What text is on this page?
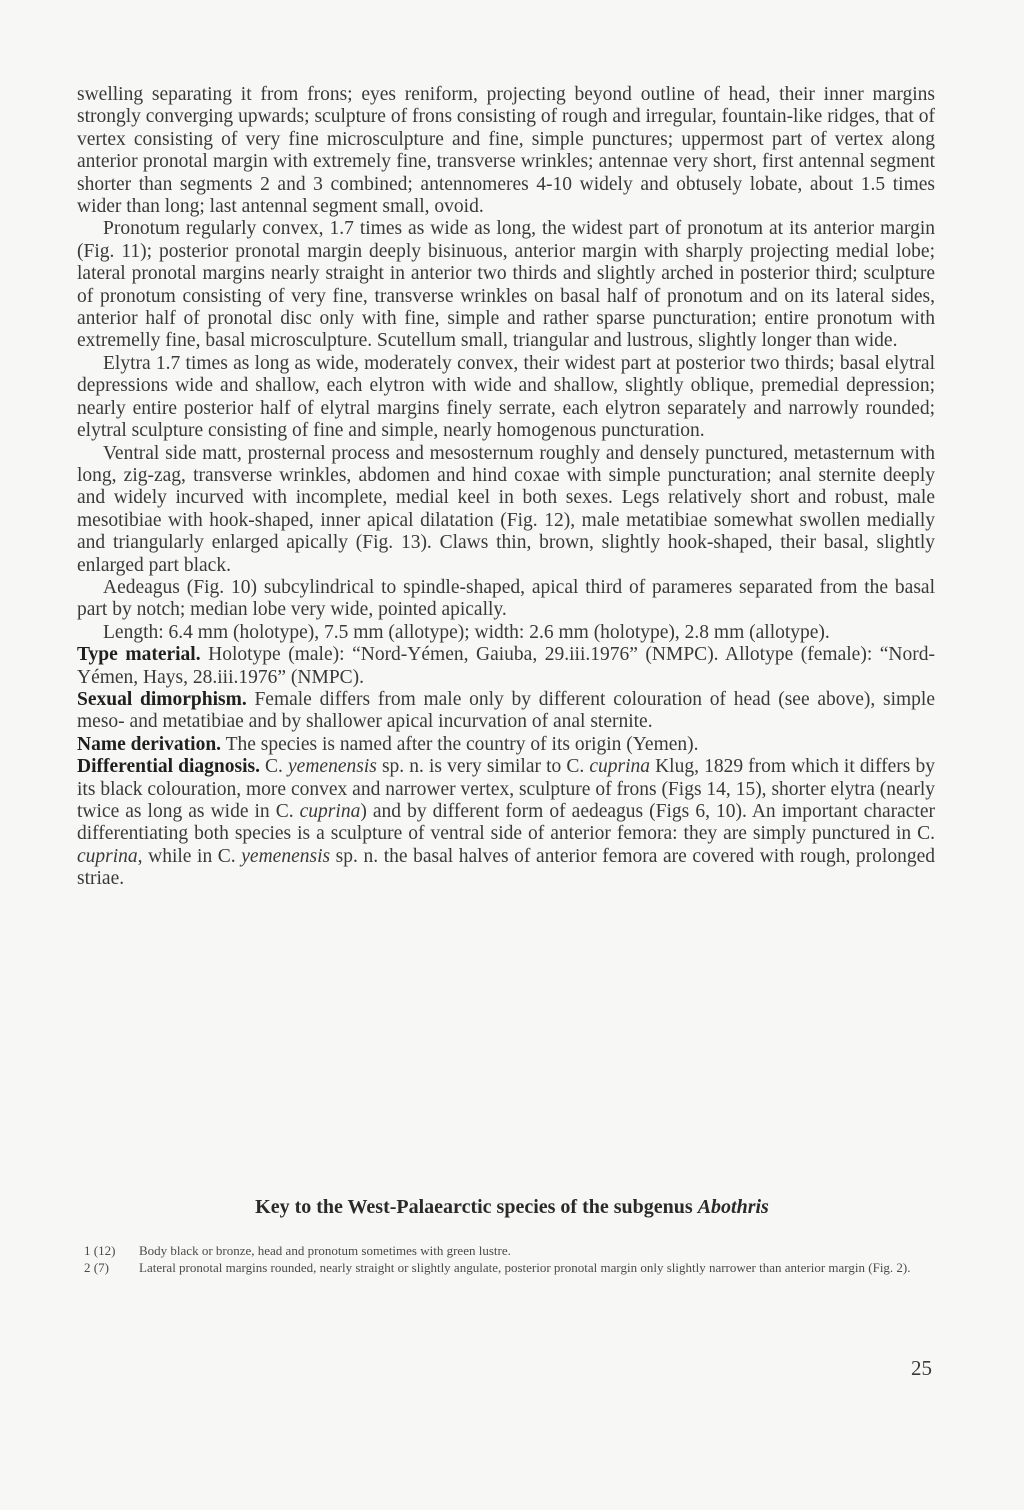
swelling separating it from frons; eyes reniform, projecting beyond outline of head, their inner margins strongly converging upwards; sculpture of frons consisting of rough and irregular, fountain-like ridges, that of vertex consisting of very fine microsculpture and fine, simple punctures; uppermost part of vertex along anterior pronotal margin with extremely fine, transverse wrinkles; antennae very short, first antennal segment shorter than segments 2 and 3 combined; antennomeres 4-10 widely and obtusely lobate, about 1.5 times wider than long; last antennal segment small, ovoid.

Pronotum regularly convex, 1.7 times as wide as long, the widest part of pronotum at its anterior margin (Fig. 11); posterior pronotal margin deeply bisinuous, anterior margin with sharply projecting medial lobe; lateral pronotal margins nearly straight in anterior two thirds and slightly arched in posterior third; sculpture of pronotum consisting of very fine, transverse wrinkles on basal half of pronotum and on its lateral sides, anterior half of pronotal disc only with fine, simple and rather sparse puncturation; entire pronotum with extremelly fine, basal microsculpture. Scutellum small, triangular and lustrous, slightly longer than wide.

Elytra 1.7 times as long as wide, moderately convex, their widest part at posterior two thirds; basal elytral depressions wide and shallow, each elytron with wide and shallow, slightly oblique, premedial depression; nearly entire posterior half of elytral margins finely serrate, each elytron separately and narrowly rounded; elytral sculpture consisting of fine and simple, nearly homogenous puncturation.

Ventral side matt, prosternal process and mesosternum roughly and densely punctured, metasternum with long, zig-zag, transverse wrinkles, abdomen and hind coxae with simple puncturation; anal sternite deeply and widely incurved with incomplete, medial keel in both sexes. Legs relatively short and robust, male mesotibiae with hook-shaped, inner apical dilatation (Fig. 12), male metatibiae somewhat swollen medially and triangularly enlarged apically (Fig. 13). Claws thin, brown, slightly hook-shaped, their basal, slightly enlarged part black.

Aedeagus (Fig. 10) subcylindrical to spindle-shaped, apical third of parameres separated from the basal part by notch; median lobe very wide, pointed apically.

Length: 6.4 mm (holotype), 7.5 mm (allotype); width: 2.6 mm (holotype), 2.8 mm (allotype).

Type material. Holotype (male): “Nord-Yémen, Gaiuba, 29.iii.1976” (NMPC). Allotype (female): “Nord-Yémen, Hays, 28.iii.1976” (NMPC).

Sexual dimorphism. Female differs from male only by different colouration of head (see above), simple meso- and metatibiae and by shallower apical incurvation of anal sternite.

Name derivation. The species is named after the country of its origin (Yemen).

Differential diagnosis. C. yemenensis sp. n. is very similar to C. cuprina Klug, 1829 from which it differs by its black colouration, more convex and narrower vertex, sculpture of frons (Figs 14, 15), shorter elytra (nearly twice as long as wide in C. cuprina) and by different form of aedeagus (Figs 6, 10). An important character differentiating both species is a sculpture of ventral side of anterior femora: they are simply punctured in C. cuprina, while in C. yemenensis sp. n. the basal halves of anterior femora are covered with rough, prolonged striae.

Key to the West-Palaearctic species of the subgenus Abothris
1 (12)	Body black or bronze, head and pronotum sometimes with green lustre.
2 (7)	Lateral pronotal margins rounded, nearly straight or slightly angulate, posterior pronotal margin only slightly narrower than anterior margin (Fig. 2).
25
